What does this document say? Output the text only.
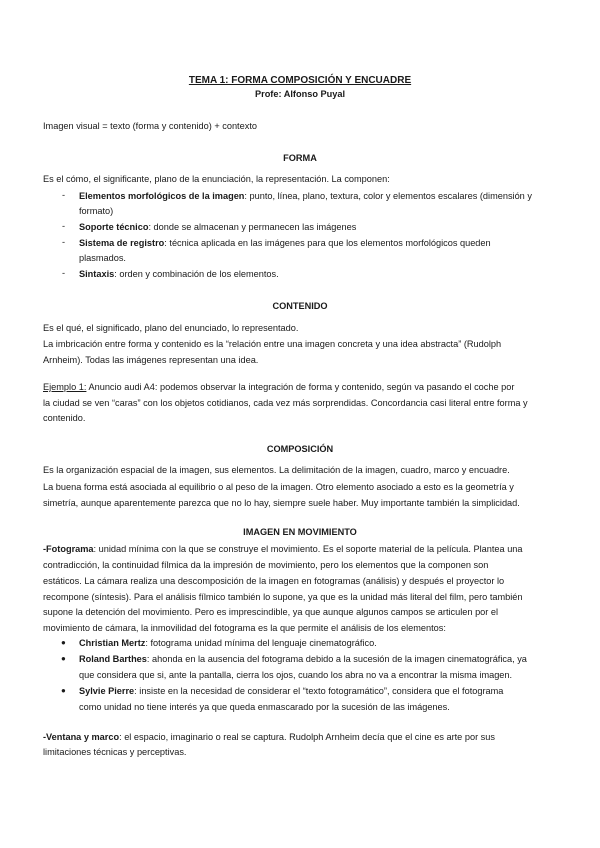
TEMA 1: FORMA COMPOSICIÓN Y ENCUADRE
Profe: Alfonso Puyal
Imagen visual = texto (forma y contenido) + contexto
FORMA
Es el cómo, el significante, plano de la enunciación, la representación. La componen:
- Elementos morfológicos de la imagen: punto, línea, plano, textura, color y elementos escalares (dimensión y
formato)
- Soporte técnico: donde se almacenan y permanecen las imágenes
- Sistema de registro: técnica aplicada en las imágenes para que los elementos morfológicos queden
plasmados.
- Sintaxis: orden y combinación de los elementos.
CONTENIDO
Es el qué, el significado, plano del enunciado, lo representado.
La imbricación entre forma y contenido es la “relación entre una imagen concreta y una idea abstracta” (Rudolph
Arnheim). Todas las imágenes representan una idea.
Ejemplo 1: Anuncio audi A4: podemos observar la integración de forma y contenido, según va pasando el coche por
la ciudad se ven “caras” con los objetos cotidianos, cada vez más sorprendidas. Concordancia casi literal entre forma y
contenido.
COMPOSICIÓN
Es la organización espacial de la imagen, sus elementos. La delimitación de la imagen, cuadro, marco y encuadre.
La buena forma está asociada al equilibrio o al peso de la imagen. Otro elemento asociado a esto es la geometría y
simetría, aunque aparentemente parezca que no lo hay, siempre suele haber. Muy importante también la simplicidad.
IMAGEN EN MOVIMIENTO
-Fotograma: unidad mínima con la que se construye el movimiento. Es el soporte material de la película. Plantea una
contradicción, la continuidad fílmica da la impresión de movimiento, pero los elementos que la componen son
estáticos. La cámara realiza una descomposición de la imagen en fotogramas (análisis) y después el proyector lo
recompone (síntesis). Para el análisis fílmico también lo supone, ya que es la unidad más literal del film, pero también
supone la detención del movimiento. Pero es imprescindible, ya que aunque algunos campos se articulen por el
movimiento de cámara, la inmovilidad del fotograma es la que permite el análisis de los elementos:
● Christian Mertz: fotograma unidad mínima del lenguaje cinematográfico.
● Roland Barthes: ahonda en la ausencia del fotograma debido a la sucesión de la imagen cinematográfica, ya
que considera que si, ante la pantalla, cierra los ojos, cuando los abra no va a encontrar la misma imagen.
● Sylvie Pierre: insiste en la necesidad de considerar el “texto fotogramático”, considera que el fotograma
como unidad no tiene interés ya que queda enmascarado por la sucesión de las imágenes.
-Ventana y marco: el espacio, imaginario o real se captura. Rudolph Arnheim decía que el cine es arte por sus
limitaciones técnicas y perceptivas.
